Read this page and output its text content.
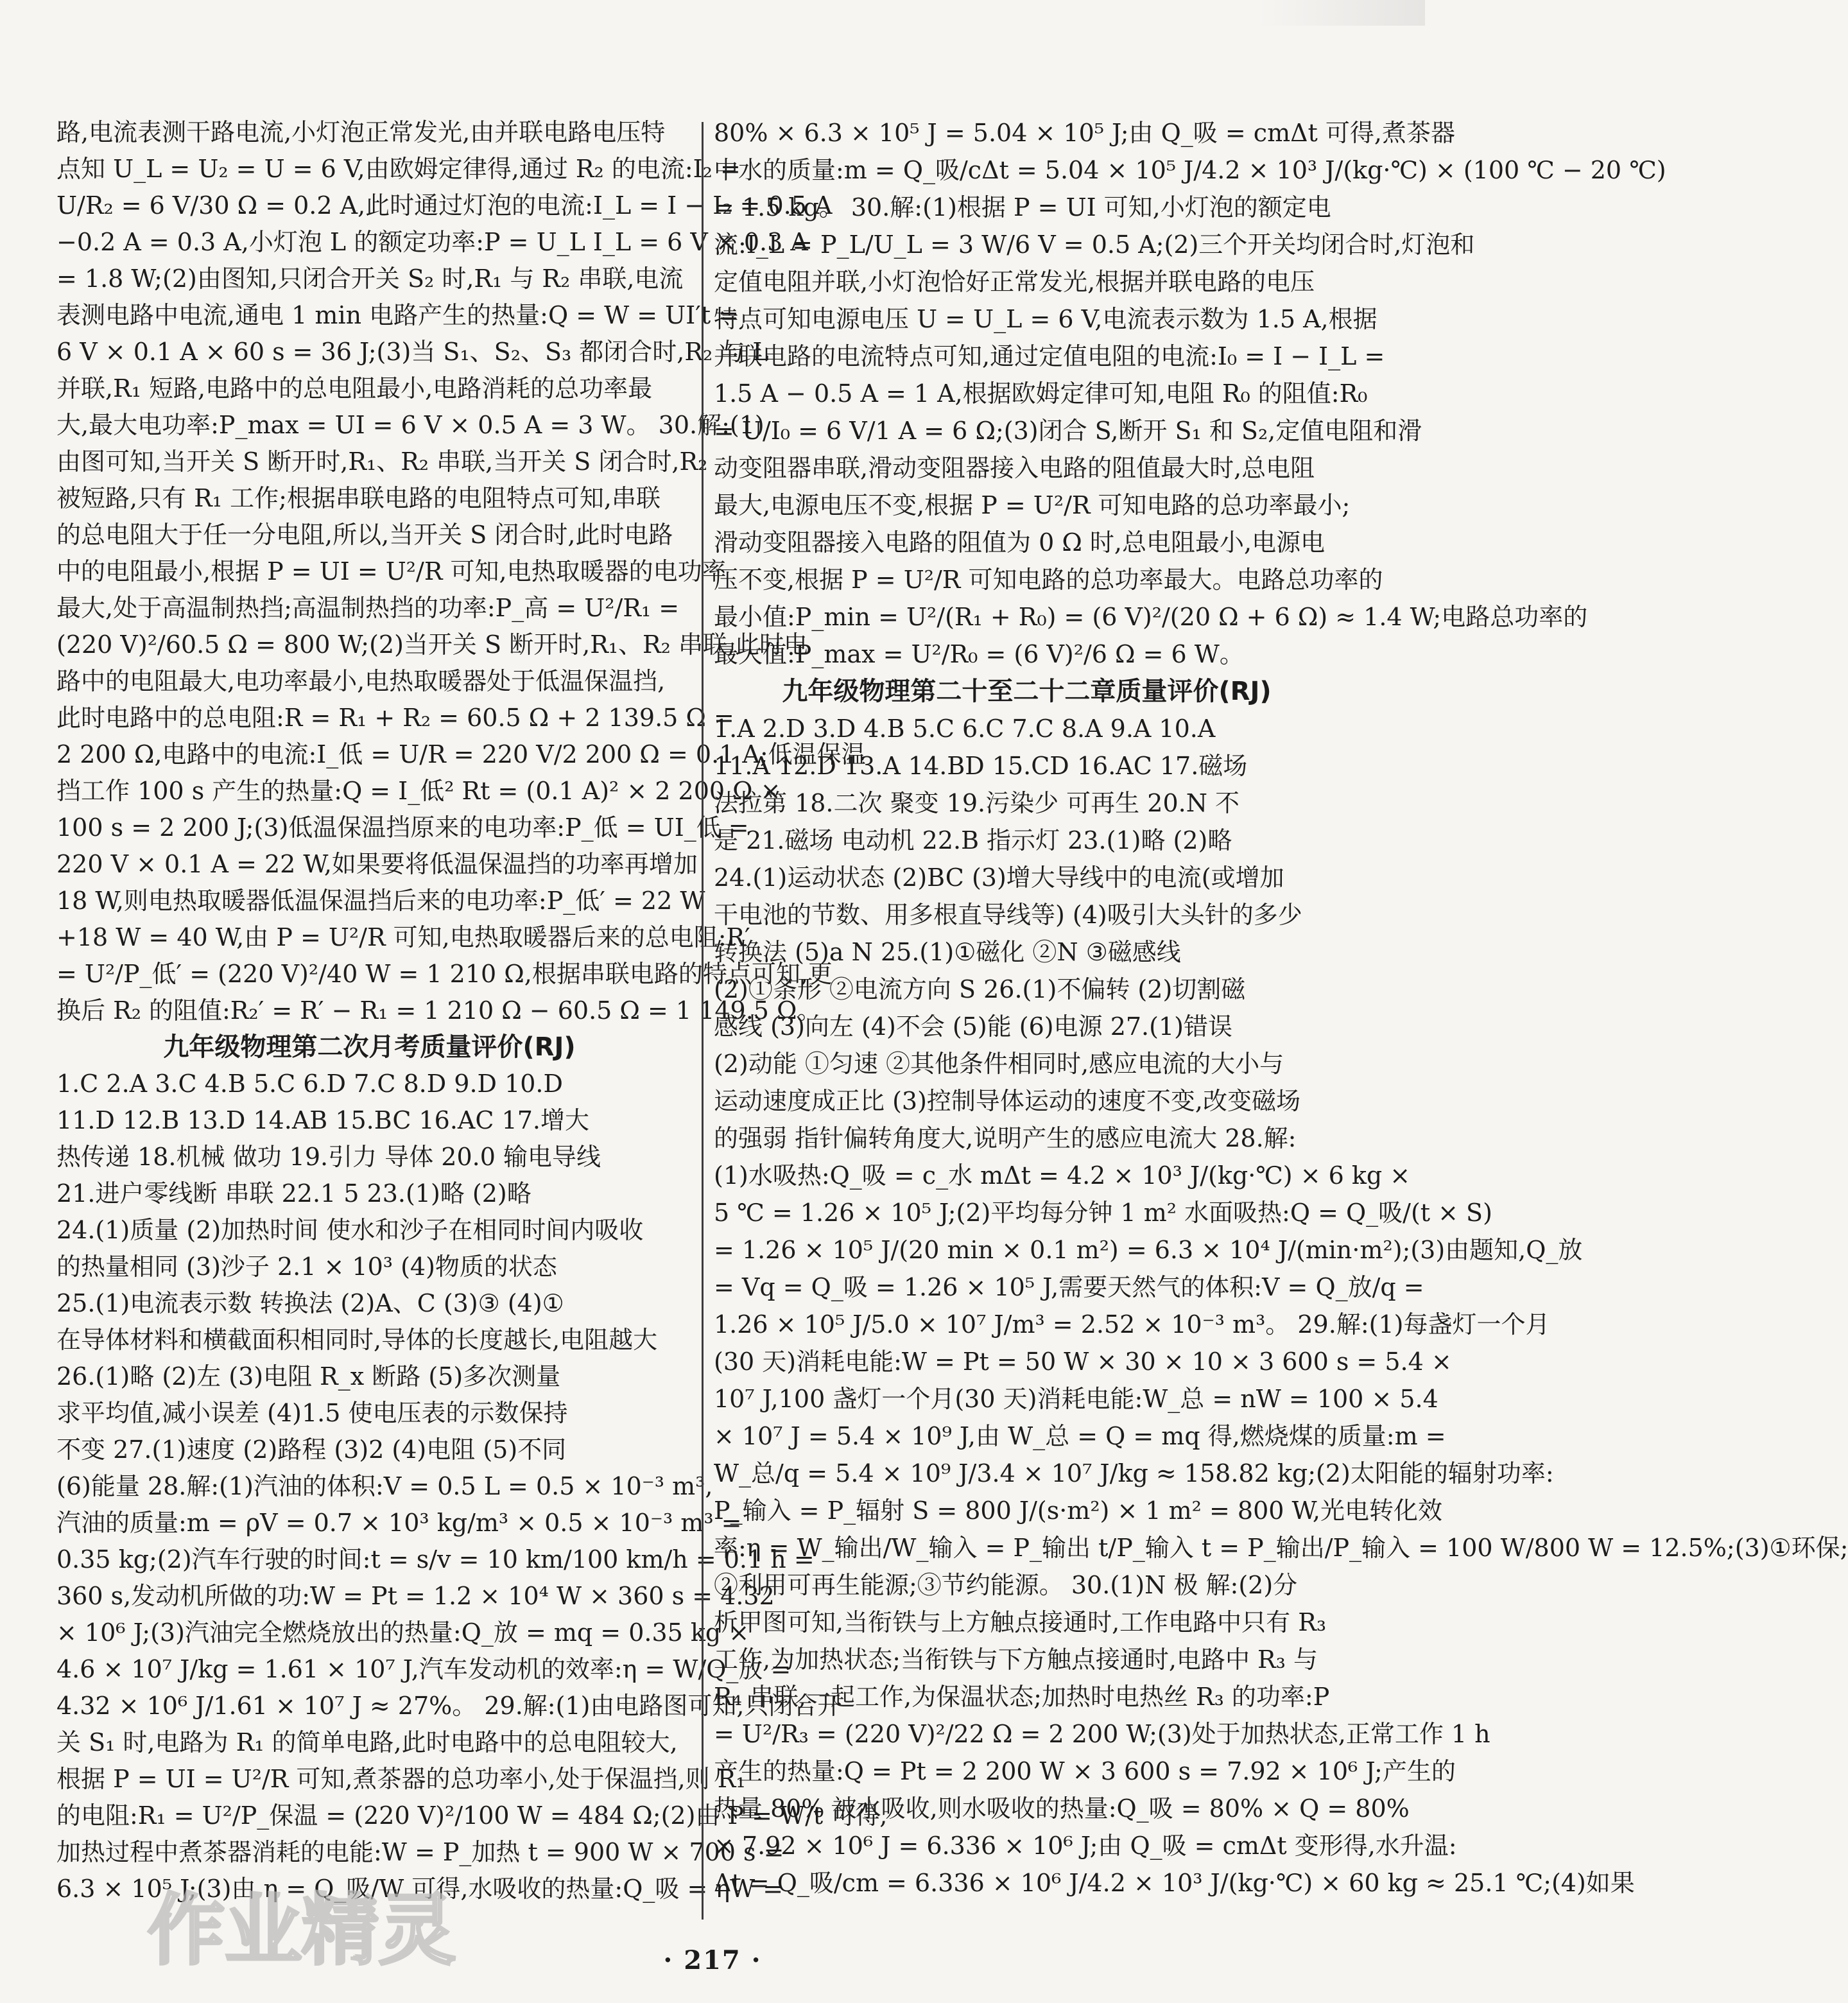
路,电流表测干路电流,小灯泡正常发光,由并联电路电压特
点知 U_L = U₂ = U = 6 V,由欧姆定律得,通过 R₂ 的电流:I₂ =
U/R₂ = 6 V/30 Ω = 0.2 A,此时通过灯泡的电流:I_L = I − I₂ = 0.5 A
−0.2 A = 0.3 A,小灯泡 L 的额定功率:P = U_L I_L = 6 V × 0.3 A
= 1.8 W;(2)由图知,只闭合开关 S₂ 时,R₁ 与 R₂ 串联,电流
表测电路中电流,通电 1 min 电路产生的热量:Q = W = UI′t =
6 V × 0.1 A × 60 s = 36 J;(3)当 S₁、S₂、S₃ 都闭合时,R₂ 与 L
并联,R₁ 短路,电路中的总电阻最小,电路消耗的总功率最
大,最大电功率:P_max = UI = 6 V × 0.5 A = 3 W。 30.解:(1)
由图可知,当开关 S 断开时,R₁、R₂ 串联,当开关 S 闭合时,R₂
被短路,只有 R₁ 工作;根据串联电路的电阻特点可知,串联
的总电阻大于任一分电阻,所以,当开关 S 闭合时,此时电路
中的电阻最小,根据 P = UI = U²/R 可知,电热取暖器的电功率
最大,处于高温制热挡;高温制热挡的功率:P_高 = U²/R₁ =
(220 V)²/60.5 Ω = 800 W;(2)当开关 S 断开时,R₁、R₂ 串联,此时电
路中的电阻最大,电功率最小,电热取暖器处于低温保温挡,
此时电路中的总电阻:R = R₁ + R₂ = 60.5 Ω + 2 139.5 Ω =
2 200 Ω,电路中的电流:I_低 = U/R = 220 V/2 200 Ω = 0.1 A;低温保温
挡工作 100 s 产生的热量:Q = I_低² Rt = (0.1 A)² × 2 200 Ω ×
100 s = 2 200 J;(3)低温保温挡原来的电功率:P_低 = UI_低 =
220 V × 0.1 A = 22 W,如果要将低温保温挡的功率再增加
18 W,则电热取暖器低温保温挡后来的电功率:P_低′ = 22 W
+18 W = 40 W,由 P = U²/R 可知,电热取暖器后来的总电阻:R′
= U²/P_低′ = (220 V)²/40 W = 1 210 Ω,根据串联电路的特点可知,更
换后 R₂ 的阻值:R₂′ = R′ − R₁ = 1 210 Ω − 60.5 Ω = 1 149.5 Ω。
九年级物理第二次月考质量评价(RJ)
1.C 2.A 3.C 4.B 5.C 6.D 7.C 8.D 9.D 10.D
11.D 12.B 13.D 14.AB 15.BC 16.AC 17.增大
热传递 18.机械 做功 19.引力 导体 20.0 输电导线
21.进户零线断 串联 22.1 5 23.(1)略 (2)略
24.(1)质量 (2)加热时间 使水和沙子在相同时间内吸收
的热量相同 (3)沙子 2.1 × 10³ (4)物质的状态
25.(1)电流表示数 转换法 (2)A、C (3)③ (4)①
在导体材料和横截面积相同时,导体的长度越长,电阻越大
26.(1)略 (2)左 (3)电阻 R_x 断路 (5)多次测量
求平均值,减小误差 (4)1.5 使电压表的示数保持
不变 27.(1)速度 (2)路程 (3)2 (4)电阻 (5)不同
(6)能量 28.解:(1)汽油的体积:V = 0.5 L = 0.5 × 10⁻³ m³,
汽油的质量:m = ρV = 0.7 × 10³ kg/m³ × 0.5 × 10⁻³ m³ =
0.35 kg;(2)汽车行驶的时间:t = s/v = 10 km/100 km/h = 0.1 h =
360 s,发动机所做的功:W = Pt = 1.2 × 10⁴ W × 360 s = 4.32
× 10⁶ J;(3)汽油完全燃烧放出的热量:Q_放 = mq = 0.35 kg ×
4.6 × 10⁷ J/kg = 1.61 × 10⁷ J,汽车发动机的效率:η = W/Q_放 =
4.32 × 10⁶ J/1.61 × 10⁷ J ≈ 27%。 29.解:(1)由电路图可知,只闭合开
关 S₁ 时,电路为 R₁ 的简单电路,此时电路中的总电阻较大,
根据 P = UI = U²/R 可知,煮茶器的总功率小,处于保温挡,则 R₁
的电阻:R₁ = U²/P_保温 = (220 V)²/100 W = 484 Ω;(2)由 P = W/t 可得,
加热过程中煮茶器消耗的电能:W = P_加热 t = 900 W × 700 s =
6.3 × 10⁵ J;(3)由 η = Q_吸/W 可得,水吸收的热量:Q_吸 = ηW =
80% × 6.3 × 10⁵ J = 5.04 × 10⁵ J;由 Q_吸 = cmΔt 可得,煮茶器
中水的质量:m = Q_吸/cΔt = 5.04 × 10⁵ J/4.2 × 10³ J/(kg·℃) × (100 ℃ − 20 ℃)
= 1.5 kg。 30.解:(1)根据 P = UI 可知,小灯泡的额定电
流:I_L = P_L/U_L = 3 W/6 V = 0.5 A;(2)三个开关均闭合时,灯泡和
定值电阻并联,小灯泡恰好正常发光,根据并联电路的电压
特点可知电源电压 U = U_L = 6 V,电流表示数为 1.5 A,根据
并联电路的电流特点可知,通过定值电阻的电流:I₀ = I − I_L =
1.5 A − 0.5 A = 1 A,根据欧姆定律可知,电阻 R₀ 的阻值:R₀
= U/I₀ = 6 V/1 A = 6 Ω;(3)闭合 S,断开 S₁ 和 S₂,定值电阻和滑
动变阻器串联,滑动变阻器接入电路的阻值最大时,总电阻
最大,电源电压不变,根据 P = U²/R 可知电路的总功率最小;
滑动变阻器接入电路的阻值为 0 Ω 时,总电阻最小,电源电
压不变,根据 P = U²/R 可知电路的总功率最大。电路总功率的
最小值:P_min = U²/(R₁ + R₀) = (6 V)²/(20 Ω + 6 Ω) ≈ 1.4 W;电路总功率的
最大值:P_max = U²/R₀ = (6 V)²/6 Ω = 6 W。
九年级物理第二十至二十二章质量评价(RJ)
1.A 2.D 3.D 4.B 5.C 6.C 7.C 8.A 9.A 10.A
11.A 12.D 13.A 14.BD 15.CD 16.AC 17.磁场
法拉第 18.二次 聚变 19.污染少 可再生 20.N 不
是 21.磁场 电动机 22.B 指示灯 23.(1)略 (2)略
24.(1)运动状态 (2)BC (3)增大导线中的电流(或增加
干电池的节数、用多根直导线等) (4)吸引大头针的多少
转换法 (5)a N 25.(1)①磁化 ②N ③磁感线
(2)①条形 ②电流方向 S 26.(1)不偏转 (2)切割磁
感线 (3)向左 (4)不会 (5)能 (6)电源 27.(1)错误
(2)动能 ①匀速 ②其他条件相同时,感应电流的大小与
运动速度成正比 (3)控制导体运动的速度不变,改变磁场
的强弱 指针偏转角度大,说明产生的感应电流大 28.解:
(1)水吸热:Q_吸 = c_水 mΔt = 4.2 × 10³ J/(kg·℃) × 6 kg ×
5 ℃ = 1.26 × 10⁵ J;(2)平均每分钟 1 m² 水面吸热:Q = Q_吸/(t × S)
= 1.26 × 10⁵ J/(20 min × 0.1 m²) = 6.3 × 10⁴ J/(min·m²);(3)由题知,Q_放
= Vq = Q_吸 = 1.26 × 10⁵ J,需要天然气的体积:V = Q_放/q =
1.26 × 10⁵ J/5.0 × 10⁷ J/m³ = 2.52 × 10⁻³ m³。 29.解:(1)每盏灯一个月
(30 天)消耗电能:W = Pt = 50 W × 30 × 10 × 3 600 s = 5.4 ×
10⁷ J,100 盏灯一个月(30 天)消耗电能:W_总 = nW = 100 × 5.4
× 10⁷ J = 5.4 × 10⁹ J,由 W_总 = Q = mq 得,燃烧煤的质量:m =
W_总/q = 5.4 × 10⁹ J/3.4 × 10⁷ J/kg ≈ 158.82 kg;(2)太阳能的辐射功率:
P_输入 = P_辐射 S = 800 J/(s·m²) × 1 m² = 800 W,光电转化效
率:η = W_输出/W_输入 = P_输出 t/P_输入 t = P_输出/P_输入 = 100 W/800 W = 12.5%;(3)①环保;
②利用可再生能源;③节约能源。 30.(1)N 极 解:(2)分
析甲图可知,当衔铁与上方触点接通时,工作电路中只有 R₃
工作,为加热状态;当衔铁与下方触点接通时,电路中 R₃ 与
R₄ 串联,一起工作,为保温状态;加热时电热丝 R₃ 的功率:P
= U²/R₃ = (220 V)²/22 Ω = 2 200 W;(3)处于加热状态,正常工作 1 h
产生的热量:Q = Pt = 2 200 W × 3 600 s = 7.92 × 10⁶ J;产生的
热量 80% 被水吸收,则水吸收的热量:Q_吸 = 80% × Q = 80%
× 7.92 × 10⁶ J = 6.336 × 10⁶ J;由 Q_吸 = cmΔt 变形得,水升温:
Δt = Q_吸/cm = 6.336 × 10⁶ J/4.2 × 10³ J/(kg·℃) × 60 kg ≈ 25.1 ℃;(4)如果
作业精灵	· 217 ·
